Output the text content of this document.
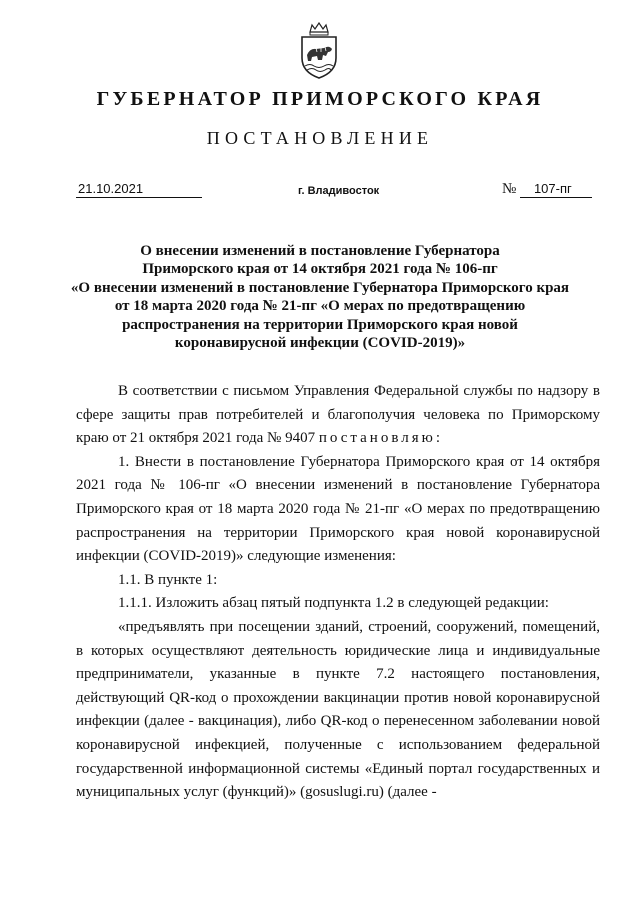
ГУБЕРНАТОР ПРИМОРСКОГО КРАЯ
ПОСТАНОВЛЕНИЕ
21.10.2021	г. Владивосток	№ 107-пг
О внесении изменений в постановление Губернатора
Приморского края от 14 октября 2021 года № 106-пг
«О внесении изменений в постановление Губернатора Приморского края
от 18 марта 2020 года № 21-пг «О мерах по предотвращению
распространения на территории Приморского края новой
коронавирусной инфекции (COVID-2019)»

В соответствии с письмом Управления Федеральной службы по надзору в сфере защиты прав потребителей и благополучия человека по Приморскому краю от 21 октября 2021 года № 9407 постановляю:

1. Внести в постановление Губернатора Приморского края от 14 октября 2021 года № 106-пг «О внесении изменений в постановление Губернатора Приморского края от 18 марта 2020 года № 21-пг «О мерах по предотвращению распространения на территории Приморского края новой коронавирусной инфекции (COVID-2019)» следующие изменения:

1.1. В пункте 1:

1.1.1. Изложить абзац пятый подпункта 1.2 в следующей редакции:

«предъявлять при посещении зданий, строений, сооружений, помещений, в которых осуществляют деятельность юридические лица и индивидуальные предприниматели, указанные в пункте 7.2 настоящего постановления, действующий QR-код о прохождении вакцинации против новой коронавирусной инфекции (далее - вакцинация), либо QR-код о перенесенном заболевании новой коронавирусной инфекцией, полученные с использованием федеральной государственной информационной системы «Единый портал государственных и муниципальных услуг (функций)» (gosuslugi.ru) (далее -
